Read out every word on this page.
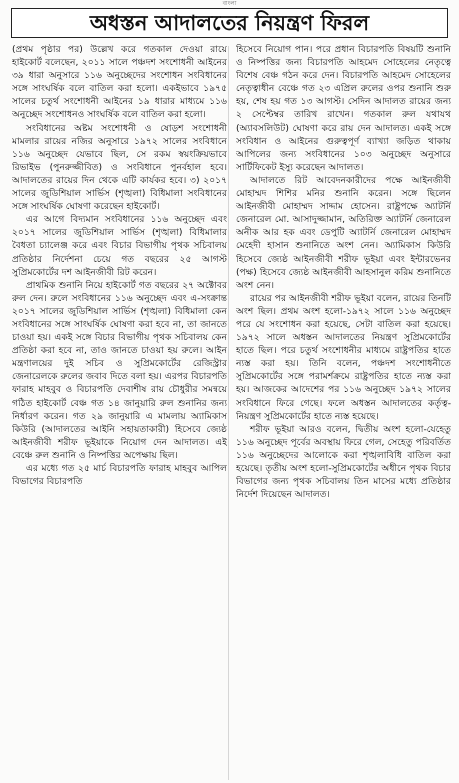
বাংলা
অধস্তন আদালতের নিয়ন্ত্রণ ফিরল

(প্রথম পৃষ্ঠার পর) উল্লেখ করে গতকাল দেওয়া রায়ে হাইকোর্ট বলেছেন, ২০১১ সালে পঞ্চদশ সংশোধনী আইনের ৩৯ ধারা অনুসারে ১১৬ অনুচ্ছেদের সংশোধন সংবিধানের সঙ্গে সাংঘর্ষিক বলে বাতিল করা হলো। একইভাবে ১৯৭৫ সালের চতুর্থ সংশোধনী আইনের ১৯ ধারার মাধ্যমে ১১৬ অনুচ্ছেদ সংশোধনও সাংঘর্ষিক বলে বাতিল করা হলো।

সংবিধানের অষ্টম সংশোধনী ও ষোড়শ সংশোধনী মামলার রায়ের নজির অনুসারে ১৯৭২ সালের সংবিধানে ১১৬ অনুচ্ছেদ যেভাবে ছিল, সে রকম স্বয়ংক্রিয়ভাবে রিভাইভ (পুনরুজ্জীবিত) ও সংবিধানে পুনর্বহাল হবে। আদালতের রায়ের দিন থেকে এটি কার্যকর হবে। ৩) ২০১৭ সালের জুডিশিয়াল সার্ভিস (শৃঙ্খলা) বিধিমালা সংবিধানের সঙ্গে সাংঘর্ষিক ঘোষণা করেছেন হাইকোর্ট।

এর আগে বিদ্যমান সংবিধানের ১১৬ অনুচ্ছেদ এবং ২০১৭ সালের জুডিশিয়াল সার্ভিস (শৃঙ্খলা) বিধিমালার বৈধতা চ্যালেঞ্জ করে এবং বিচার বিভাগীয় পৃথক সচিবালয় প্রতিষ্ঠার নির্দেশনা চেয়ে গত বছরের ২৫ আগস্ট সুপ্রিমকোর্টের দশ আইনজীবী রিট করেন।

প্রাথমিক শুনানি নিয়ে হাইকোর্ট গত বছরের ২৭ অক্টোবর রুল দেন। রুলে সংবিধানের ১১৬ অনুচ্ছেদ এবং এ-সংক্রান্ত ২০১৭ সালের জুডিশিয়াল সার্ভিস (শৃঙ্খলা) বিধিমালা কেন সংবিধানের সঙ্গে সাংঘর্ষিক ঘোষণা করা হবে না, তা জানতে চাওয়া হয়। একই সঙ্গে বিচার বিভাগীয় পৃথক সচিবালয় কেন প্রতিষ্ঠা করা হবে না, তাও জানতে চাওয়া হয় রুলে। আইন মন্ত্রণালয়ের দুই সচিব ও সুপ্রিমকোর্টের রেজিস্ট্রার জেনারেলকে রুলের জবাব দিতে বলা হয়। এরপর বিচারপতি ফারাহ মাহবুব ও বিচারপতি দেবাশীষ রায় চৌধুরীর সমন্বয়ে গঠিত হাইকোর্ট বেঞ্চ গত ১৪ জানুয়ারি রুল শুনানির জন্য নির্ধারণ করেন। গত ২৯ জানুয়ারি এ মামলায় অ্যামিকাস কিউরি (আদালতের আইনি সহায়তাকারী) হিসেবে জ্যেষ্ঠ আইনজীবী শরীফ ভূইয়াকে নিয়োগ দেন আদালত। এই বেঞ্চে রুল শুনানি ও নিষ্পত্তির অপেক্ষায় ছিল।

এর মধ্যে গত ২৫ মার্চ বিচারপতি ফারাহ মাহবুব আপিল বিভাগের বিচারপতি

হিসেবে নিয়োগ পান। পরে প্রধান বিচারপতি বিষয়টি শুনানি ও নিষ্পত্তির জন্য বিচারপতি আহমেদ সোহেলের নেতৃত্বে বিশেষ বেঞ্চ গঠন করে দেন। বিচারপতি আহমেদ সোহেলের নেতৃত্বাধীন বেঞ্চে গত ২৩ এপ্রিল রুলের ওপর শুনানি শুরু হয়, শেষ হয় গত ১৩ আগস্ট। সেদিন আদালত রায়ের জন্য ২ সেপ্টেম্বর তারিখ রাখেন। গতকাল রুল যথাযথ (অ্যাবসলিউট) ঘোষণা করে রায় দেন আদালত। একই সঙ্গে সংবিধান ও আইনের গুরুত্বপূর্ণ ব্যাখ্যা জড়িত থাকায় আপিলের জন্য সংবিধানের ১০৩ অনুচ্ছেদ অনুসারে সার্টিফিকেট ইস্যু করেছেন আদালত।

আদালতে রিট আবেদনকারীদের পক্ষে আইনজীবী মোহাম্মদ শিশির মনির শুনানি করেন। সঙ্গে ছিলেন আইনজীবী মোহাম্মদ সাদ্দাম হোসেন। রাষ্ট্রপক্ষে অ্যাটর্নি জেনারেল মো. আসাদুজ্জামান, অতিরিক্ত অ্যাটর্নি জেনারেল অনীক আর হক এবং ডেপুটি অ্যাটর্নি জেনারেল মোহাম্মদ মেহেদী হাসান শুনানিতে অংশ নেন। অ্যামিকাস কিউরি হিসেবে জ্যেষ্ঠ আইনজীবী শরীফ ভূইয়া এবং ইন্টারভেনর (পক্ষ) হিসেবে জ্যেষ্ঠ আইনজীবী আহসানুল করিম শুনানিতে অংশ নেন।

রায়ের পর আইনজীবী শরীফ ভূইয়া বলেন, রায়ের তিনটি অংশ ছিল। প্রথম অংশ হলো-১৯৭২ সালে ১১৬ অনুচ্ছেদ পরে যে সংশোধন করা হয়েছে, সেটা বাতিল করা হয়েছে। ১৯৭২ সালে অধস্তন আদালতের নিয়ন্ত্রণ সুপ্রিমকোর্টের হাতে ছিল। পরে চতুর্থ সংশোধনীর মাধ্যমে রাষ্ট্রপতির হাতে ন্যস্ত করা হয়। তিনি বলেন, পঞ্চদশ সংশোধনীতে সুপ্রিমকোর্টের সঙ্গে পরামর্শক্রমে রাষ্ট্রপতির হাতে ন্যস্ত করা হয়। আজকের আদেশের পর ১১৬ অনুচ্ছেদ ১৯৭২ সালের সংবিধানে ফিরে গেছে। ফলে অধস্তন আদালতের কর্তৃত্ব-নিয়ন্ত্রণ সুপ্রিমকোর্টের হাতে ন্যস্ত হয়েছে।

শরীফ ভূইয়া আরও বলেন, দ্বিতীয় অংশ হলো-যেহেতু ১১৬ অনুচ্ছেদ পূর্বের অবস্থায় ফিরে গেল, সেহেতু পরিবর্তিত ১১৬ অনুচ্ছেদের আলোকে করা শৃঙ্খলাবিধি বাতিল করা হয়েছে। তৃতীয় অংশ হলো-সুপ্রিমকোর্টের অধীনে পৃথক বিচার বিভাগের জন্য পৃথক সচিবালয় তিন মাসের মধ্যে প্রতিষ্ঠার নির্দেশ দিয়েছেন আদালত।
